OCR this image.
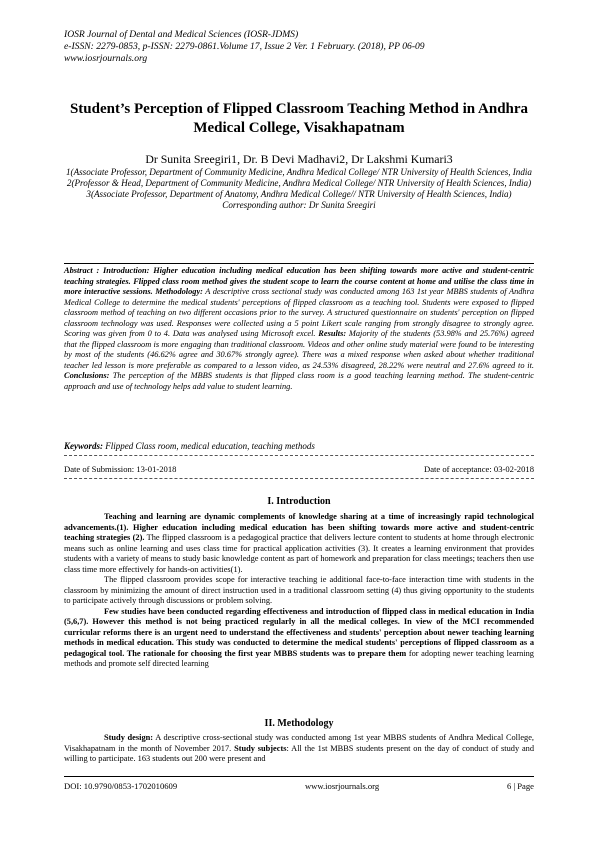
IOSR Journal of Dental and Medical Sciences (IOSR-JDMS)
e-ISSN: 2279-0853, p-ISSN: 2279-0861.Volume 17, Issue 2 Ver. 1 February. (2018), PP 06-09
www.iosrjournals.org
Student’s Perception of Flipped Classroom Teaching Method in Andhra Medical College, Visakhapatnam
Dr Sunita Sreegiri1, Dr. B Devi Madhavi2, Dr Lakshmi Kumari3

1(Associate Professor, Department of Community Medicine, Andhra Medical College/ NTR University of Health Sciences, India

2(Professor & Head, Department of Community Medicine, Andhra Medical College/ NTR University of Health Sciences, India)

3(Associate Professor, Department of Anatomy, Andhra Medical College// NTR University of Health Sciences, India)

Corresponding author: Dr Sunita Sreegiri

Abstract : Introduction: Higher education including medical education has been shifting towards more active and student-centric teaching strategies. Flipped class room method gives the student scope to learn the course content at home and utilise the class time in more interactive sessions. Methodology: A descriptive cross sectional study was conducted among 163 1st year MBBS students of Andhra Medical College to determine the medical students' perceptions of flipped classroom as a teaching tool. Students were exposed to flipped classroom method of teaching on two different occasions prior to the survey. A structured questionnaire on students' perception on flipped classroom technology was used. Responses were collected using a 5 point Likert scale ranging from strongly disagree to strongly agree. Scoring was given from 0 to 4. Data was analysed using Microsoft excel. Results: Majority of the students (53.98% and 25.76%) agreed that the flipped classroom is more engaging than traditional classroom. Videos and other online study material were found to be interesting by most of the students (46.62% agree and 30.67% strongly agree). There was a mixed response when asked about whether traditional teacher led lesson is more preferable as compared to a lesson video, as 24.53% disagreed, 28.22% were neutral and 27.6% agreed to it. Conclusions: The perception of the MBBS students is that flipped class room is a good teaching learning method. The student-centric approach and use of technology helps add value to student learning.
Keywords: Flipped Class room, medical education, teaching methods
Date of Submission: 13-01-2018	Date of acceptance: 03-02-2018
I. Introduction

Teaching and learning are dynamic complements of knowledge sharing at a time of increasingly rapid technological advancements.(1). Higher education including medical education has been shifting towards more active and student-centric teaching strategies (2). The flipped classroom is a pedagogical practice that delivers lecture content to students at home through electronic means such as online learning and uses class time for practical application activities (3). It creates a learning environment that provides students with a variety of means to study basic knowledge content as part of homework and preparation for class meetings; teachers then use class time more effectively for hands-on activities(1).

The flipped classroom provides scope for interactive teaching ie additional face-to-face interaction time with students in the classroom by minimizing the amount of direct instruction used in a traditional classroom setting (4) thus giving opportunity to the students to participate actively through discussions or problem solving.

Few studies have been conducted regarding effectiveness and introduction of flipped class in medical education in India (5,6,7). However this method is not being practiced regularly in all the medical colleges. In view of the MCI recommended curricular reforms there is an urgent need to understand the effectiveness and students' perception about newer teaching learning methods in medical education. This study was conducted to determine the medical students' perceptions of flipped classroom as a pedagogical tool. The rationale for choosing the first year MBBS students was to prepare them for adopting newer teaching learning methods and promote self directed learning

II. Methodology

Study design: A descriptive cross-sectional study was conducted among 1st year MBBS students of Andhra Medical College, Visakhapatnam in the month of November 2017. Study subjects: All the 1st MBBS students present on the day of conduct of study and willing to participate. 163 students out 200 were present and

DOI: 10.9790/0853-1702010609	www.iosrjournals.org	6 | Page
